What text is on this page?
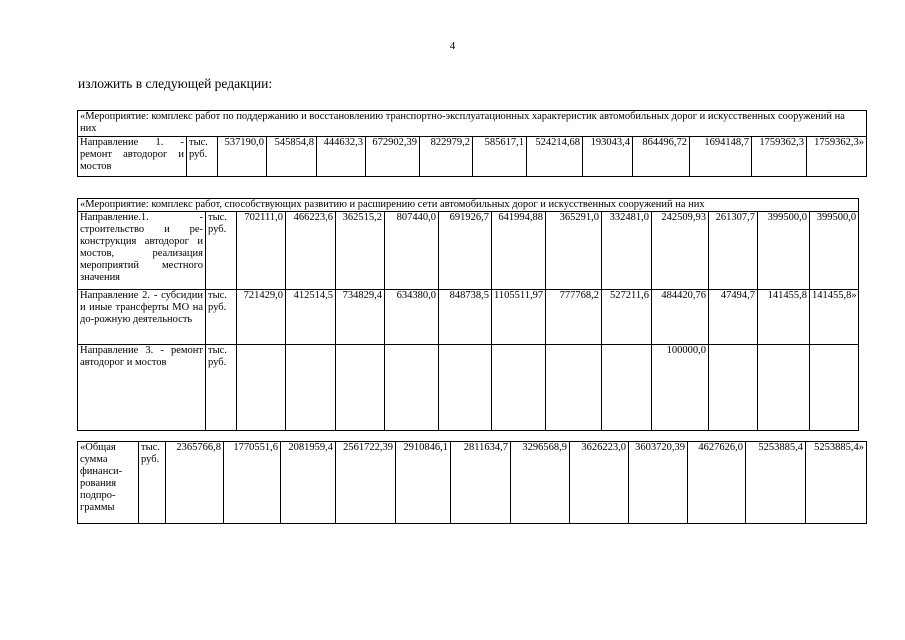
4
изложить в следующей редакции:
«Мероприятие: комплекс работ по поддержанию и восстановлению транспортно-эксплуатационных характеристик автомобильных дорог и искусственных сооружений на них
Направление 1. - ремонт автодорог и мостов	тыс. руб.	537190,0	545854,8	444632,3	672902,39	822979,2	585617,1	524214,68	193043,4	864496,72	1694148,7	1759362,3	1759362,3»
«Мероприятие: комплекс работ, способствующих развитию и расширению сети автомобильных дорог и искусственных сооружений на них													
Направление.1. - строительство и ре-конструкция автодорог и мостов, реализация мероприятий местного значения	тыс. руб.	702111,0	466223,6	362515,2	807440,0	691926,7	641994,88	365291,0	332481,0	242509,93	261307,7	399500,0	399500,0
Направление 2. - субсидии и иные трансферты МО на до-рожную деятельность	тыс. руб.	721429,0	412514,5	734829,4	634380,0	848738,5	1105511,97	777768,2	527211,6	484420,76	47494,7	141455,8	141455,8»
Направление 3. - ремонт автодорог и мостов	тыс. руб.									100000,0			
«Общая сумма финанси-рования подпро-граммы	тыс. руб.	2365766,8	1770551,6	2081959,4	2561722,39	2910846,1	2811634,7	3296568,9	3626223,0	3603720,39	4627626,0	5253885,4	5253885,4»
